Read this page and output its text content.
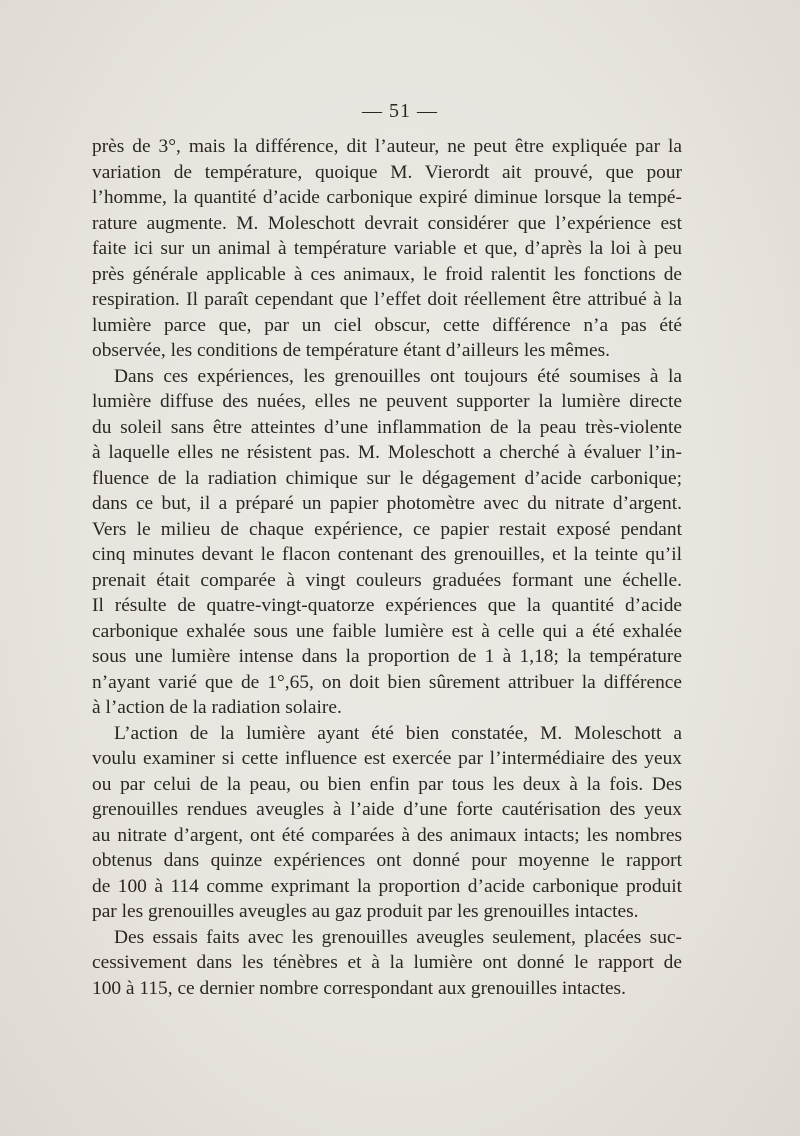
— 51 —
près de 3°, mais la différence, dit l’auteur, ne peut être expliquée par la
variation de température, quoique M. Vierordt ait prouvé, que pour
l’homme, la quantité d’acide carbonique expiré diminue lorsque la tempé-
rature augmente. M. Moleschott devrait considérer que l’expérience est
faite ici sur un animal à température variable et que, d’après la loi à peu
près générale applicable à ces animaux, le froid ralentit les fonctions de
respiration. Il paraît cependant que l’effet doit réellement être attribué à la
lumière parce que, par un ciel obscur, cette différence n’a pas été
observée, les conditions de température étant d’ailleurs les mêmes.
Dans ces expériences, les grenouilles ont toujours été soumises à la
lumière diffuse des nuées, elles ne peuvent supporter la lumière directe
du soleil sans être atteintes d’une inflammation de la peau très-violente
à laquelle elles ne résistent pas. M. Moleschott a cherché à évaluer l’in-
fluence de la radiation chimique sur le dégagement d’acide carbonique;
dans ce but, il a préparé un papier photomètre avec du nitrate d’argent.
Vers le milieu de chaque expérience, ce papier restait exposé pendant
cinq minutes devant le flacon contenant des grenouilles, et la teinte qu’il
prenait était comparée à vingt couleurs graduées formant une échelle.
Il résulte de quatre-vingt-quatorze expériences que la quantité d’acide
carbonique exhalée sous une faible lumière est à celle qui a été exhalée
sous une lumière intense dans la proportion de 1 à 1,18; la température
n’ayant varié que de 1°,65, on doit bien sûrement attribuer la différence
à l’action de la radiation solaire.
L’action de la lumière ayant été bien constatée, M. Moleschott a
voulu examiner si cette influence est exercée par l’intermédiaire des yeux
ou par celui de la peau, ou bien enfin par tous les deux à la fois. Des
grenouilles rendues aveugles à l’aide d’une forte cautérisation des yeux
au nitrate d’argent, ont été comparées à des animaux intacts; les nombres
obtenus dans quinze expériences ont donné pour moyenne le rapport
de 100 à 114 comme exprimant la proportion d’acide carbonique produit
par les grenouilles aveugles au gaz produit par les grenouilles intactes.
Des essais faits avec les grenouilles aveugles seulement, placées suc-
cessivement dans les ténèbres et à la lumière ont donné le rapport de
100 à 115, ce dernier nombre correspondant aux grenouilles intactes.
